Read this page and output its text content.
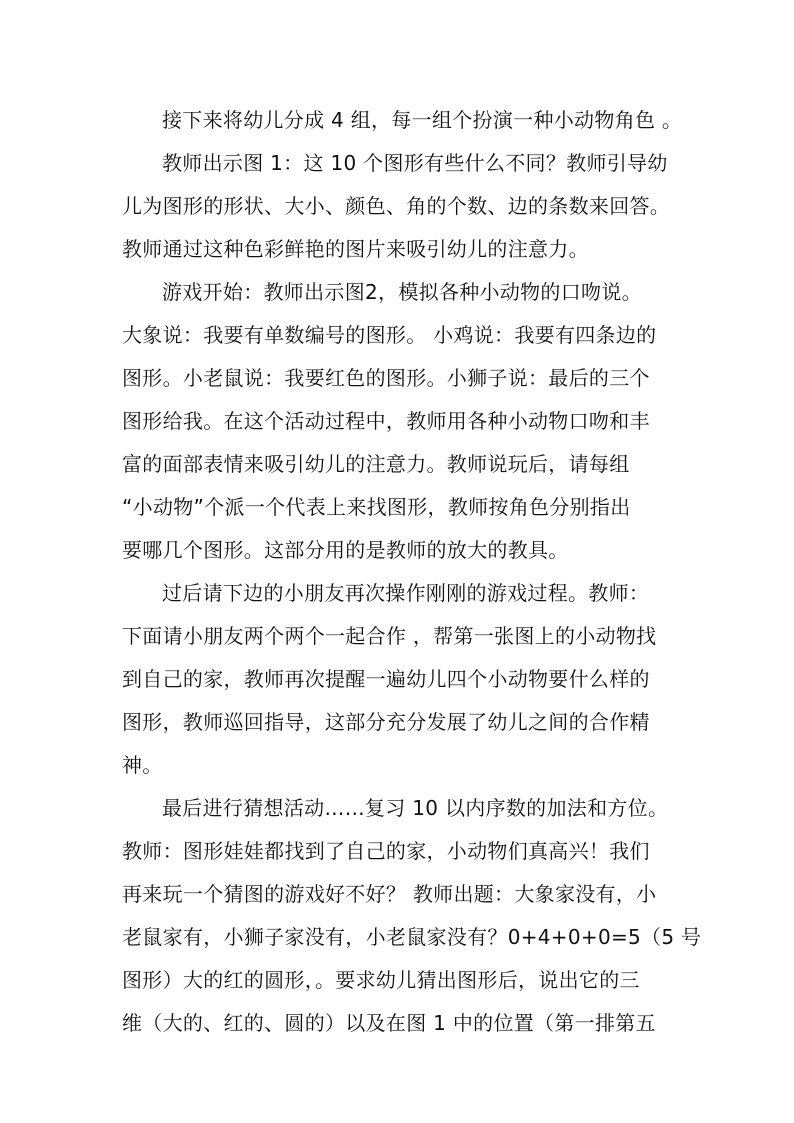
接下来将幼儿分成 4 组，每一组个扮演一种小动物角色 。
教师出示图 1：这 10 个图形有些什么不同？教师引导幼
儿为图形的形状、大小、颜色、角的个数、边的条数来回答。
教师通过这种色彩鲜艳的图片来吸引幼儿的注意力。
游戏开始：教师出示图2，模拟各种小动物的口吻说。
大象说：我要有单数编号的图形。 小鸡说：我要有四条边的
图形。小老鼠说：我要红色的图形。小狮子说：最后的三个
图形给我。在这个活动过程中，教师用各种小动物口吻和丰
富的面部表情来吸引幼儿的注意力。教师说玩后，请每组
“小动物”个派一个代表上来找图形，教师按角色分别指出
要哪几个图形。这部分用的是教师的放大的教具。
过后请下边的小朋友再次操作刚刚的游戏过程。教师：
下面请小朋友两个两个一起合作 ，帮第一张图上的小动物找
到自己的家，教师再次提醒一遍幼儿四个小动物要什么样的
图形，教师巡回指导，这部分充分发展了幼儿之间的合作精
神。
最后进行猜想活动……复习 10 以内序数的加法和方位。
教师：图形娃娃都找到了自己的家，小动物们真高兴！我们
再来玩一个猜图的游戏好不好？ 教师出题：大象家没有，小
老鼠家有，小狮子家没有，小老鼠家没有？0+4+0+0=5（5 号
图形）大的红的圆形，。要求幼儿猜出图形后，说出它的三
维（大的、红的、圆的）以及在图 1 中的位置（第一排第五
